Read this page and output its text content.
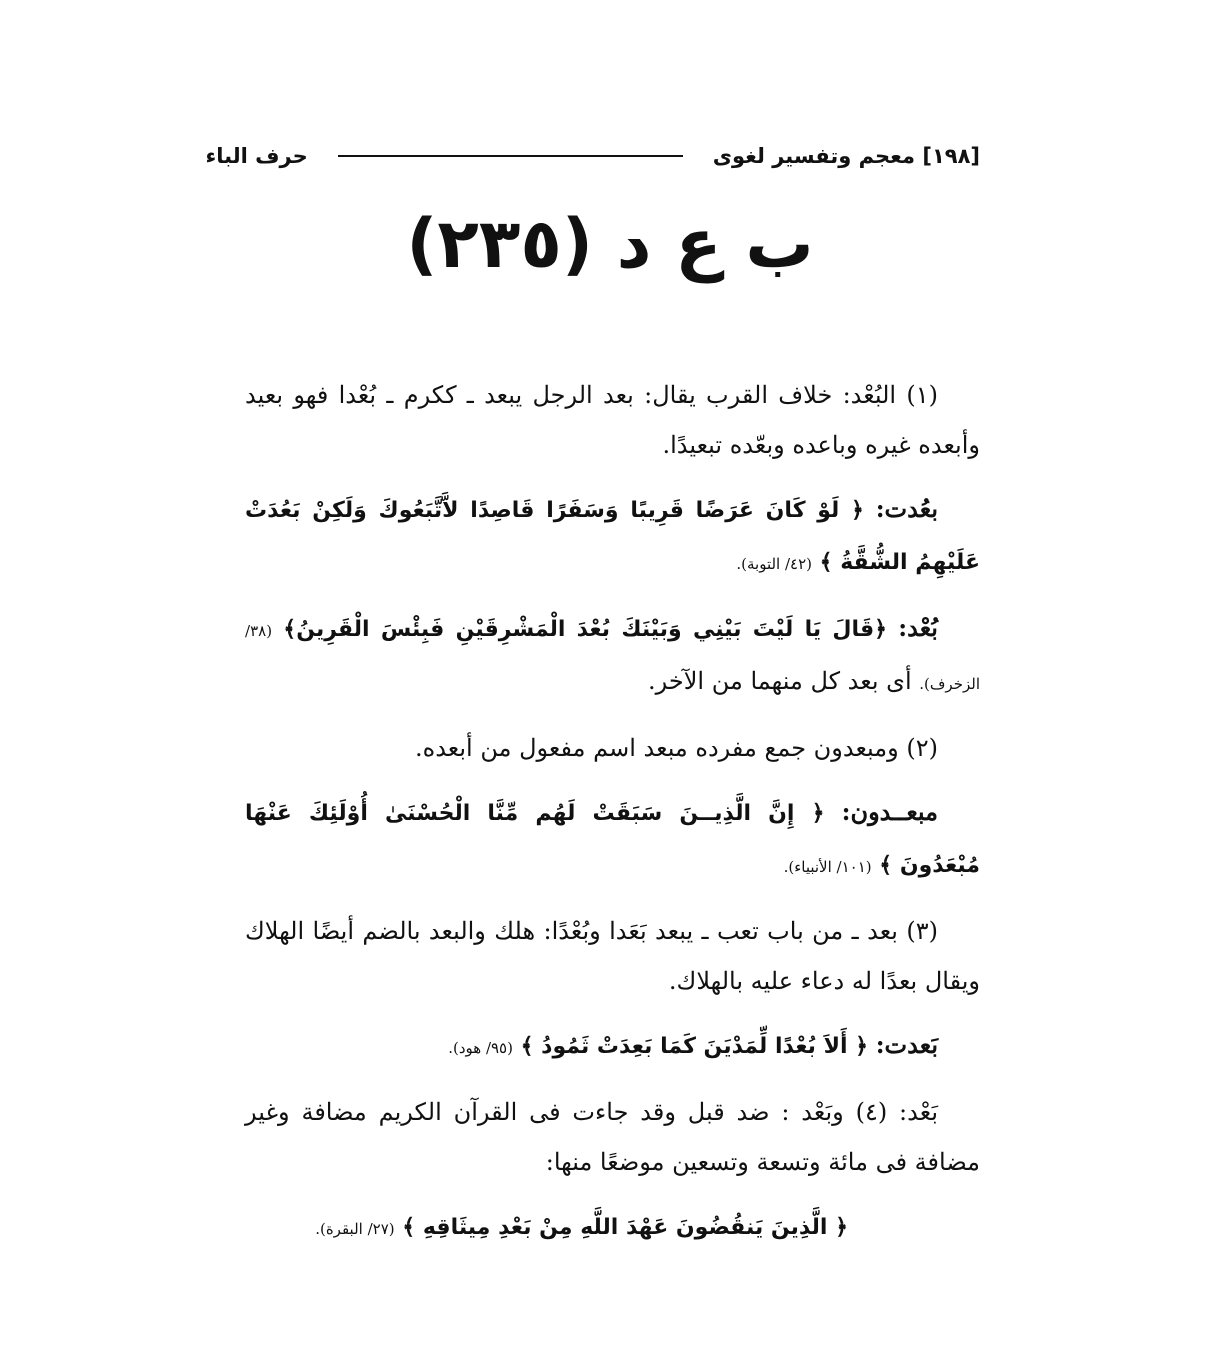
[١٩٨] معجم وتفسير لغوى
حرف الباء
ب ع د (٢٣٥)

(١) البُعْد: خلاف القرب يقال: بعد الرجل يبعد ـ ككرم ـ بُعْدا فهو بعيد وأبعده غيره وباعده وبعّده تبعيدًا.

بعُدت: ﴿ لَوْ كَانَ عَرَضًا قَرِيبًا وَسَفَرًا قَاصِدًا لاَّتَّبَعُوكَ وَلَكِنْ بَعُدَتْ عَلَيْهِمُ الشُّقَّةُ ﴾ (٤٢/ التوبة).

بُعْد: ﴿قَالَ يَا لَيْتَ بَيْنِي وَبَيْنَكَ بُعْدَ الْمَشْرِقَيْنِ فَبِئْسَ الْقَرِينُ﴾ (٣٨/ الزخرف). أى بعد كل منهما من الآخر.

(٢) ومبعدون جمع مفرده مبعد اسم مفعول من أبعده.

مبعــدون: ﴿ إِنَّ الَّذِيــنَ سَبَقَتْ لَهُم مِّنَّا الْحُسْنَىٰ أُوْلَئِكَ عَنْهَا مُبْعَدُونَ ﴾ (١٠١/ الأنبياء).

(٣) بعد ـ من باب تعب ـ يبعد بَعَدا وبُعْدًا: هلك والبعد بالضم أيضًا الهلاك ويقال بعدًا له دعاء عليه بالهلاك.

بَعدت: ﴿ أَلاَ بُعْدًا لِّمَدْيَنَ كَمَا بَعِدَتْ ثَمُودُ ﴾ (٩٥/ هود).

بَعْد: (٤) وبَعْد : ضد قبل وقد جاءت فى القرآن الكريم مضافة وغير مضافة فى مائة وتسعة وتسعين موضعًا منها:

﴿ الَّذِينَ يَنقُضُونَ عَهْدَ اللَّهِ مِنْ بَعْدِ مِيثَاقِهِ ﴾ (٢٧/ البقرة).
